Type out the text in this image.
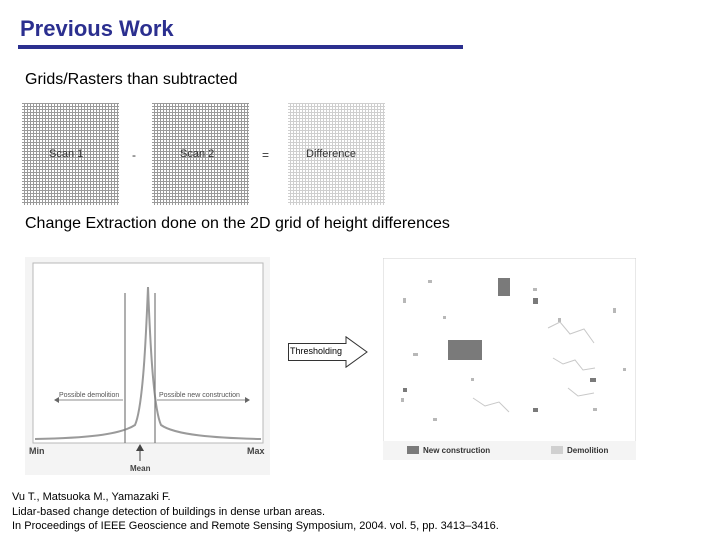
Previous Work
Grids/Rasters than subtracted
Scan 1	-	Scan 2	=	Difference
Change Extraction done on the 2D grid of height differences
Possible demolition	Possible new construction
Min	Max
Mean
Thresholding
New construction	Demolition
Vu T., Matsuoka M., Yamazaki F.
Lidar-based change detection of buildings in dense urban areas.
In Proceedings of IEEE Geoscience and Remote Sensing Symposium, 2004. vol. 5, pp. 3413–3416.
